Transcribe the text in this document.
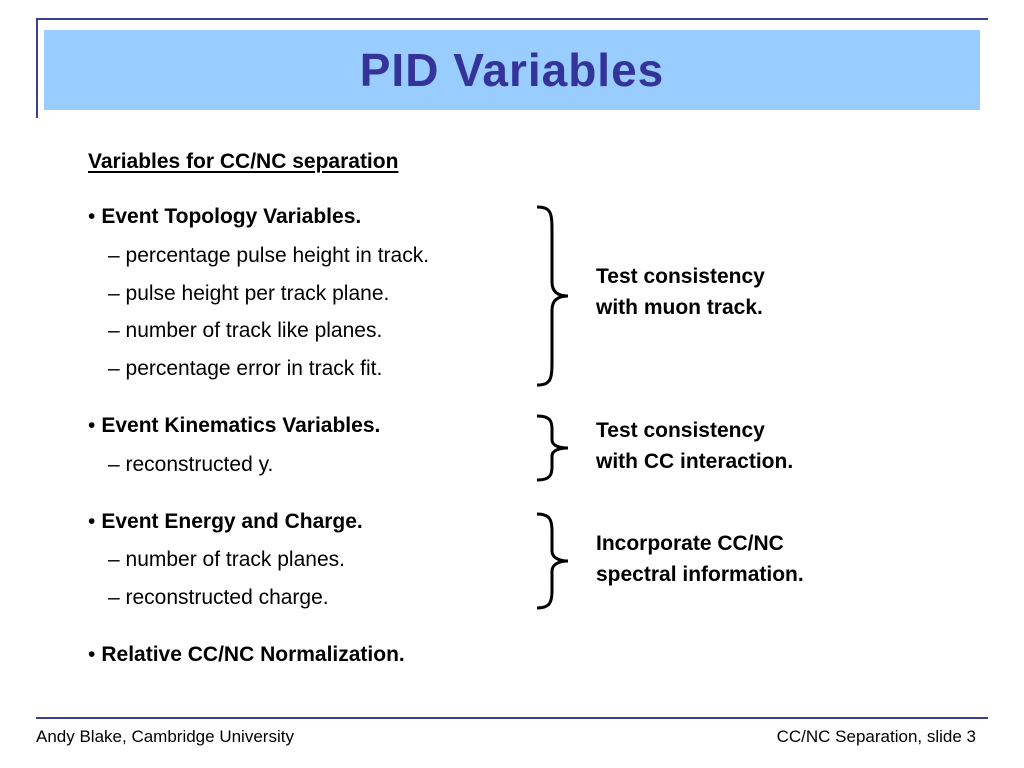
PID Variables

Variables for CC/NC separation

• Event Topology Variables.

– percentage pulse height in track.

– pulse height per track plane.

– number of track like planes.

– percentage error in track fit.

Test consistency
with muon track.

• Event Kinematics Variables.

– reconstructed y.

Test consistency
with CC interaction.

• Event Energy and Charge.

– number of track planes.

– reconstructed charge.

Incorporate CC/NC
spectral information.

• Relative CC/NC Normalization.

Andy Blake, Cambridge University	CC/NC Separation, slide 3
